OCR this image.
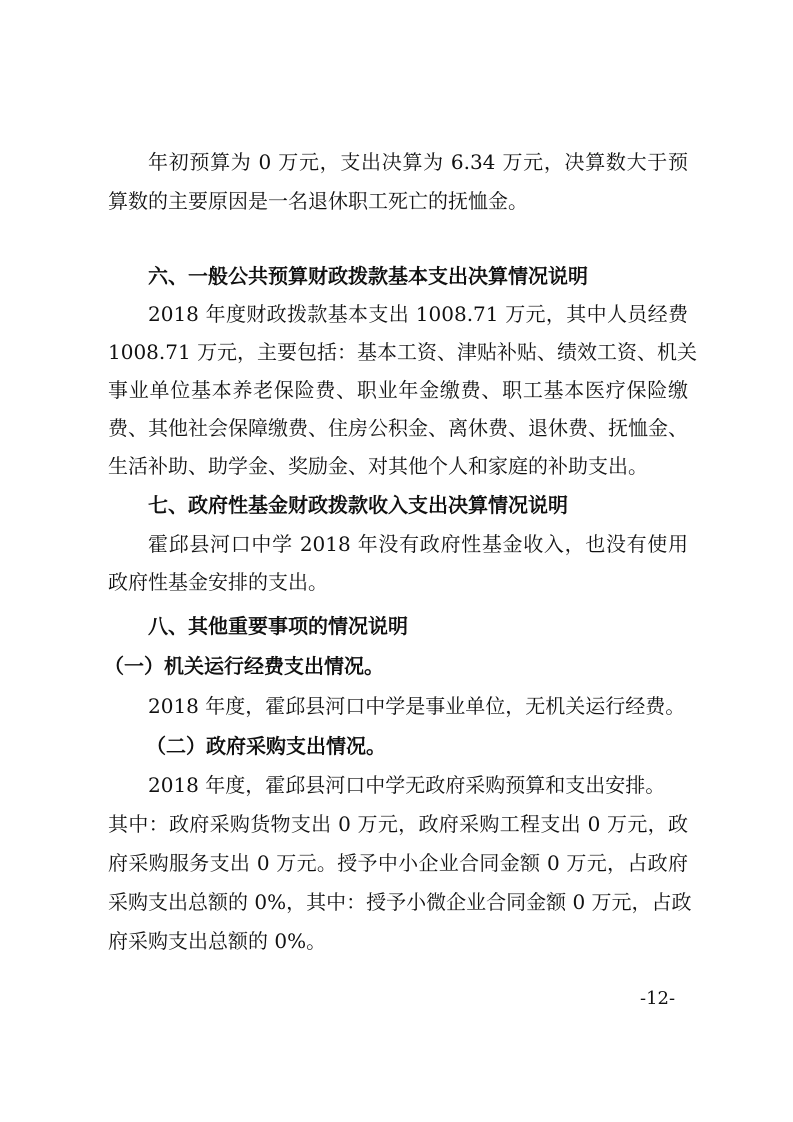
年初预算为 0 万元，支出决算为 6.34 万元，决算数大于预
算数的主要原因是一名退休职工死亡的抚恤金。
六、一般公共预算财政拨款基本支出决算情况说明
2018 年度财政拨款基本支出 1008.71 万元，其中人员经费
1008.71 万元，主要包括：基本工资、津贴补贴、绩效工资、机关
事业单位基本养老保险费、职业年金缴费、职工基本医疗保险缴
费、其他社会保障缴费、住房公积金、离休费、退休费、抚恤金、
生活补助、助学金、奖励金、对其他个人和家庭的补助支出。
七、政府性基金财政拨款收入支出决算情况说明
霍邱县河口中学 2018 年没有政府性基金收入，也没有使用
政府性基金安排的支出。
八、其他重要事项的情况说明
（一）机关运行经费支出情况。
2018 年度，霍邱县河口中学是事业单位，无机关运行经费。
（二）政府采购支出情况。
2018 年度，霍邱县河口中学无政府采购预算和支出安排。
其中：政府采购货物支出 0 万元，政府采购工程支出 0 万元，政
府采购服务支出 0 万元。授予中小企业合同金额 0 万元，占政府
采购支出总额的 0%，其中：授予小微企业合同金额 0 万元，占政
府采购支出总额的 0%。
-12-
